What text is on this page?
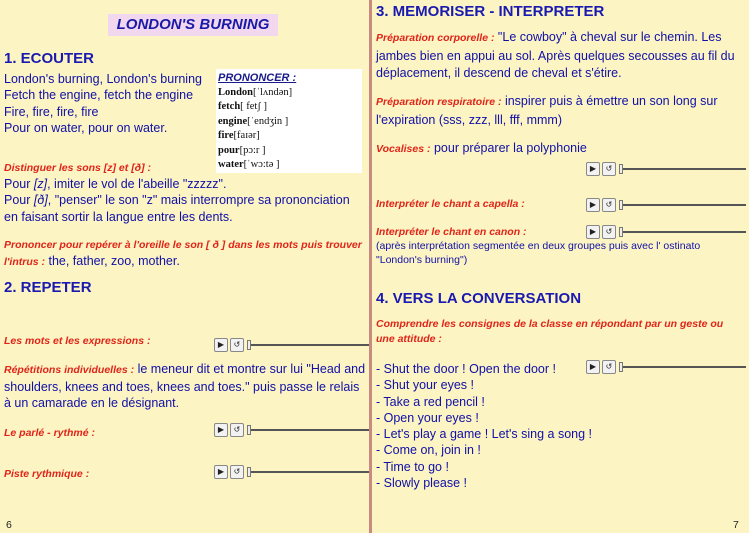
LONDON'S BURNING
1. ECOUTER
London's burning, London's burning
Fetch the engine, fetch the engine
Fire, fire, fire, fire
Pour on water, pour on water.
PRONONCER :
London[ˈlʌndən]
fetch[ fetʃ ]
engine[ˈendʒin ]
fire[faɪər]
pour[pɔ:r ]
water[ˈwɔ:tə ]
Distinguer les sons [z] et [ð] :
Pour [z], imiter le vol de l'abeille "zzzzz".
Pour [ð], "penser" le son "z" mais interrompre sa prononciation
en faisant sortir la langue entre les dents.
Prononcer pour repérer à l'oreille le son [ ð ] dans les mots puis trouver
l'intrus : the, father, zoo, mother.
2. REPETER
Les mots et les expressions :	▶	↺
Répétitions individuelles : le meneur dit et montre sur lui "Head and
shoulders, knees and toes, knees and toes." puis passe le relais
à un camarade en le désignant.
Le parlé - rythmé :	▶	↺
Piste rythmique :	▶	↺
6
3. MEMORISER - INTERPRETER
Préparation corporelle : "Le cowboy" à cheval sur le chemin. Les
jambes bien en appui au sol. Après quelques secousses au fil du
déplacement, il descend de cheval et s'étire.
Préparation respiratoire : inspirer puis à émettre un son long sur
l'expiration (sss, zzz, lll, fff, mmm)
Vocalises : pour préparer la polyphonie
▶	↺
Interpréter le chant a capella :	▶	↺
Interpréter le chant en canon :	▶	↺
(après interprétation segmentée en deux groupes puis avec l' ostinato
"London's burning")
4. VERS LA CONVERSATION
Comprendre les consignes de la classe en répondant par un geste ou
une attitude :
▶	↺
- Shut the door ! Open the door !
- Shut your eyes !
- Take a red pencil !
- Open your eyes !
- Let's play a game ! Let's sing a song !
- Come on, join in !
- Time to go !
- Slowly please !
7
